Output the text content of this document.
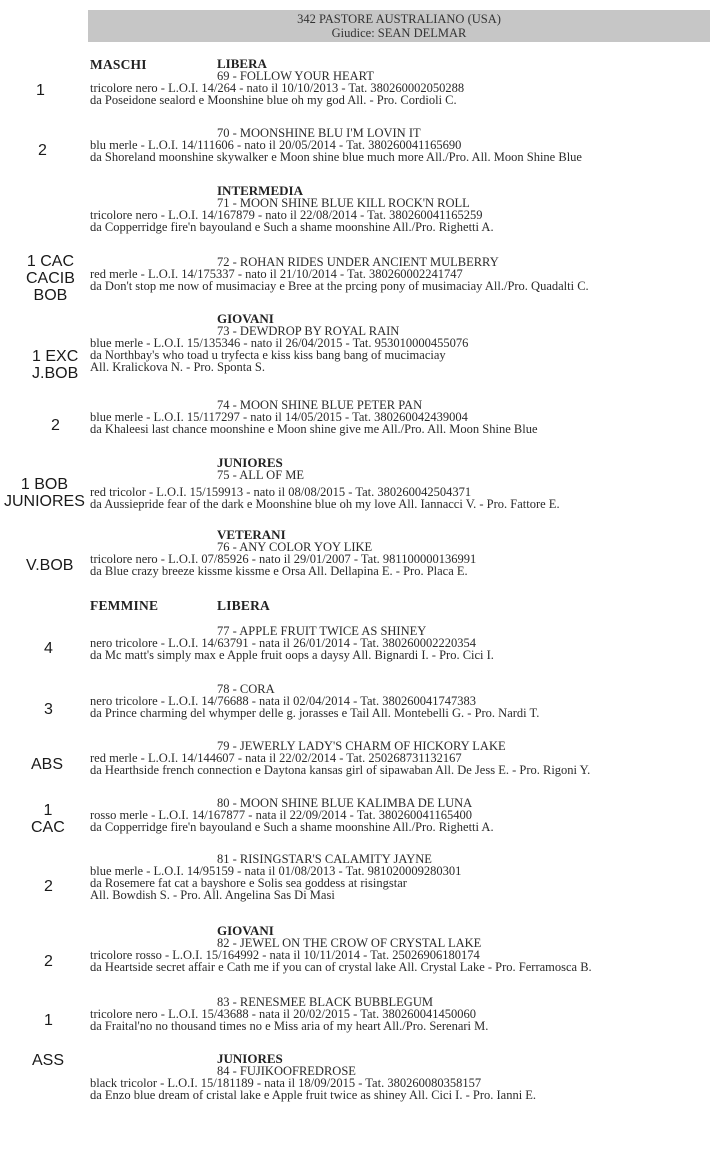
342 PASTORE AUSTRALIANO (USA)
Giudice: SEAN DELMAR
MASCHI
FEMMINE	LIBERA
1
2
1 CAC
CACIB
BOB
1 EXC
J.BOB
2
1 BOB
JUNIORES
V.BOB
4
3
ABS
1
CAC
2
2
1
ASS
LIBERA
69 - FOLLOW YOUR HEART
tricolore nero - L.O.I. 14/264 - nato il 10/10/2013 - Tat. 380260002050288
da Poseidone sealord e Moonshine blue oh my god All. - Pro. Cordioli C.
70 - MOONSHINE BLU I'M LOVIN IT
blu merle - L.O.I. 14/111606 - nato il 20/05/2014 - Tat. 380260041165690
da Shoreland moonshine skywalker e Moon shine blue much more All./Pro. All. Moon Shine Blue
INTERMEDIA
71 - MOON SHINE BLUE KILL ROCK'N ROLL
tricolore nero - L.O.I. 14/167879 - nato il 22/08/2014 - Tat. 380260041165259
da Copperridge fire'n bayouland e Such a shame moonshine All./Pro. Righetti A.
72 - ROHAN RIDES UNDER ANCIENT MULBERRY
red merle - L.O.I. 14/175337 - nato il 21/10/2014 - Tat. 380260002241747
da Don't stop me now of musimaciay e Bree at the prcing pony of musimaciay All./Pro. Quadalti C.
GIOVANI
73 - DEWDROP BY ROYAL RAIN
blue merle - L.O.I. 15/135346 - nato il 26/04/2015 - Tat. 953010000455076
da Northbay's who toad u tryfecta e kiss kiss bang bang of mucimaciay
All. Kralickova N. - Pro. Sponta S.
74 - MOON SHINE BLUE PETER PAN
blue merle - L.O.I. 15/117297 - nato il 14/05/2015 - Tat. 380260042439004
da Khaleesi last chance moonshine e Moon shine give me All./Pro. All. Moon Shine Blue
JUNIORES
75 - ALL OF ME
red tricolor - L.O.I. 15/159913 - nato il 08/08/2015 - Tat. 380260042504371
da Aussiepride fear of the dark e Moonshine blue oh my love All. Iannacci V. - Pro. Fattore E.
VETERANI
76 - ANY COLOR YOY LIKE
tricolore nero - L.O.I. 07/85926 - nato il 29/01/2007 - Tat. 981100000136991
da Blue crazy breeze kissme kissme e Orsa All. Dellapina E. - Pro. Placa E.
77 - APPLE FRUIT TWICE AS SHINEY
nero tricolore - L.O.I. 14/63791 - nata il 26/01/2014 - Tat. 380260002220354
da Mc matt's simply max e Apple fruit oops a daysy All. Bignardi I. - Pro. Cici I.
78 - CORA
nero tricolore - L.O.I. 14/76688 - nata il 02/04/2014 - Tat. 380260041747383
da Prince charming del whymper delle g. jorasses e Tail All. Montebelli G. - Pro. Nardi T.
79 - JEWERLY LADY'S CHARM OF HICKORY LAKE
red merle - L.O.I. 14/144607 - nata il 22/02/2014 - Tat. 250268731132167
da Hearthside french connection e Daytona kansas girl of sipawaban All. De Jess E. - Pro. Rigoni Y.
80 - MOON SHINE BLUE KALIMBA DE LUNA
rosso merle - L.O.I. 14/167877 - nata il 22/09/2014 - Tat. 380260041165400
da Copperridge fire'n bayouland e Such a shame moonshine All./Pro. Righetti A.
81 - RISINGSTAR'S CALAMITY JAYNE
blue merle - L.O.I. 14/95159 - nata il 01/08/2013 - Tat. 981020009280301
da Rosemere fat cat a bayshore e Solis sea goddess at risingstar
All. Bowdish S. - Pro. All. Angelina Sas Di Masi
GIOVANI
82 - JEWEL ON THE CROW OF CRYSTAL LAKE
tricolore rosso - L.O.I. 15/164992 - nata il 10/11/2014 - Tat. 25026906180174
da Heartside secret affair e Cath me if you can of crystal lake All. Crystal Lake - Pro. Ferramosca B.
83 - RENESMEE BLACK BUBBLEGUM
tricolore nero - L.O.I. 15/43688 - nata il 20/02/2015 - Tat. 380260041450060
da Fraital'no no thousand times no e Miss aria of my heart All./Pro. Serenari M.
JUNIORES
84 - FUJIKOOFREDROSE
black tricolor - L.O.I. 15/181189 - nata il 18/09/2015 - Tat. 380260080358157
da Enzo blue dream of cristal lake e Apple fruit twice as shiney All. Cici I. - Pro. Ianni E.
